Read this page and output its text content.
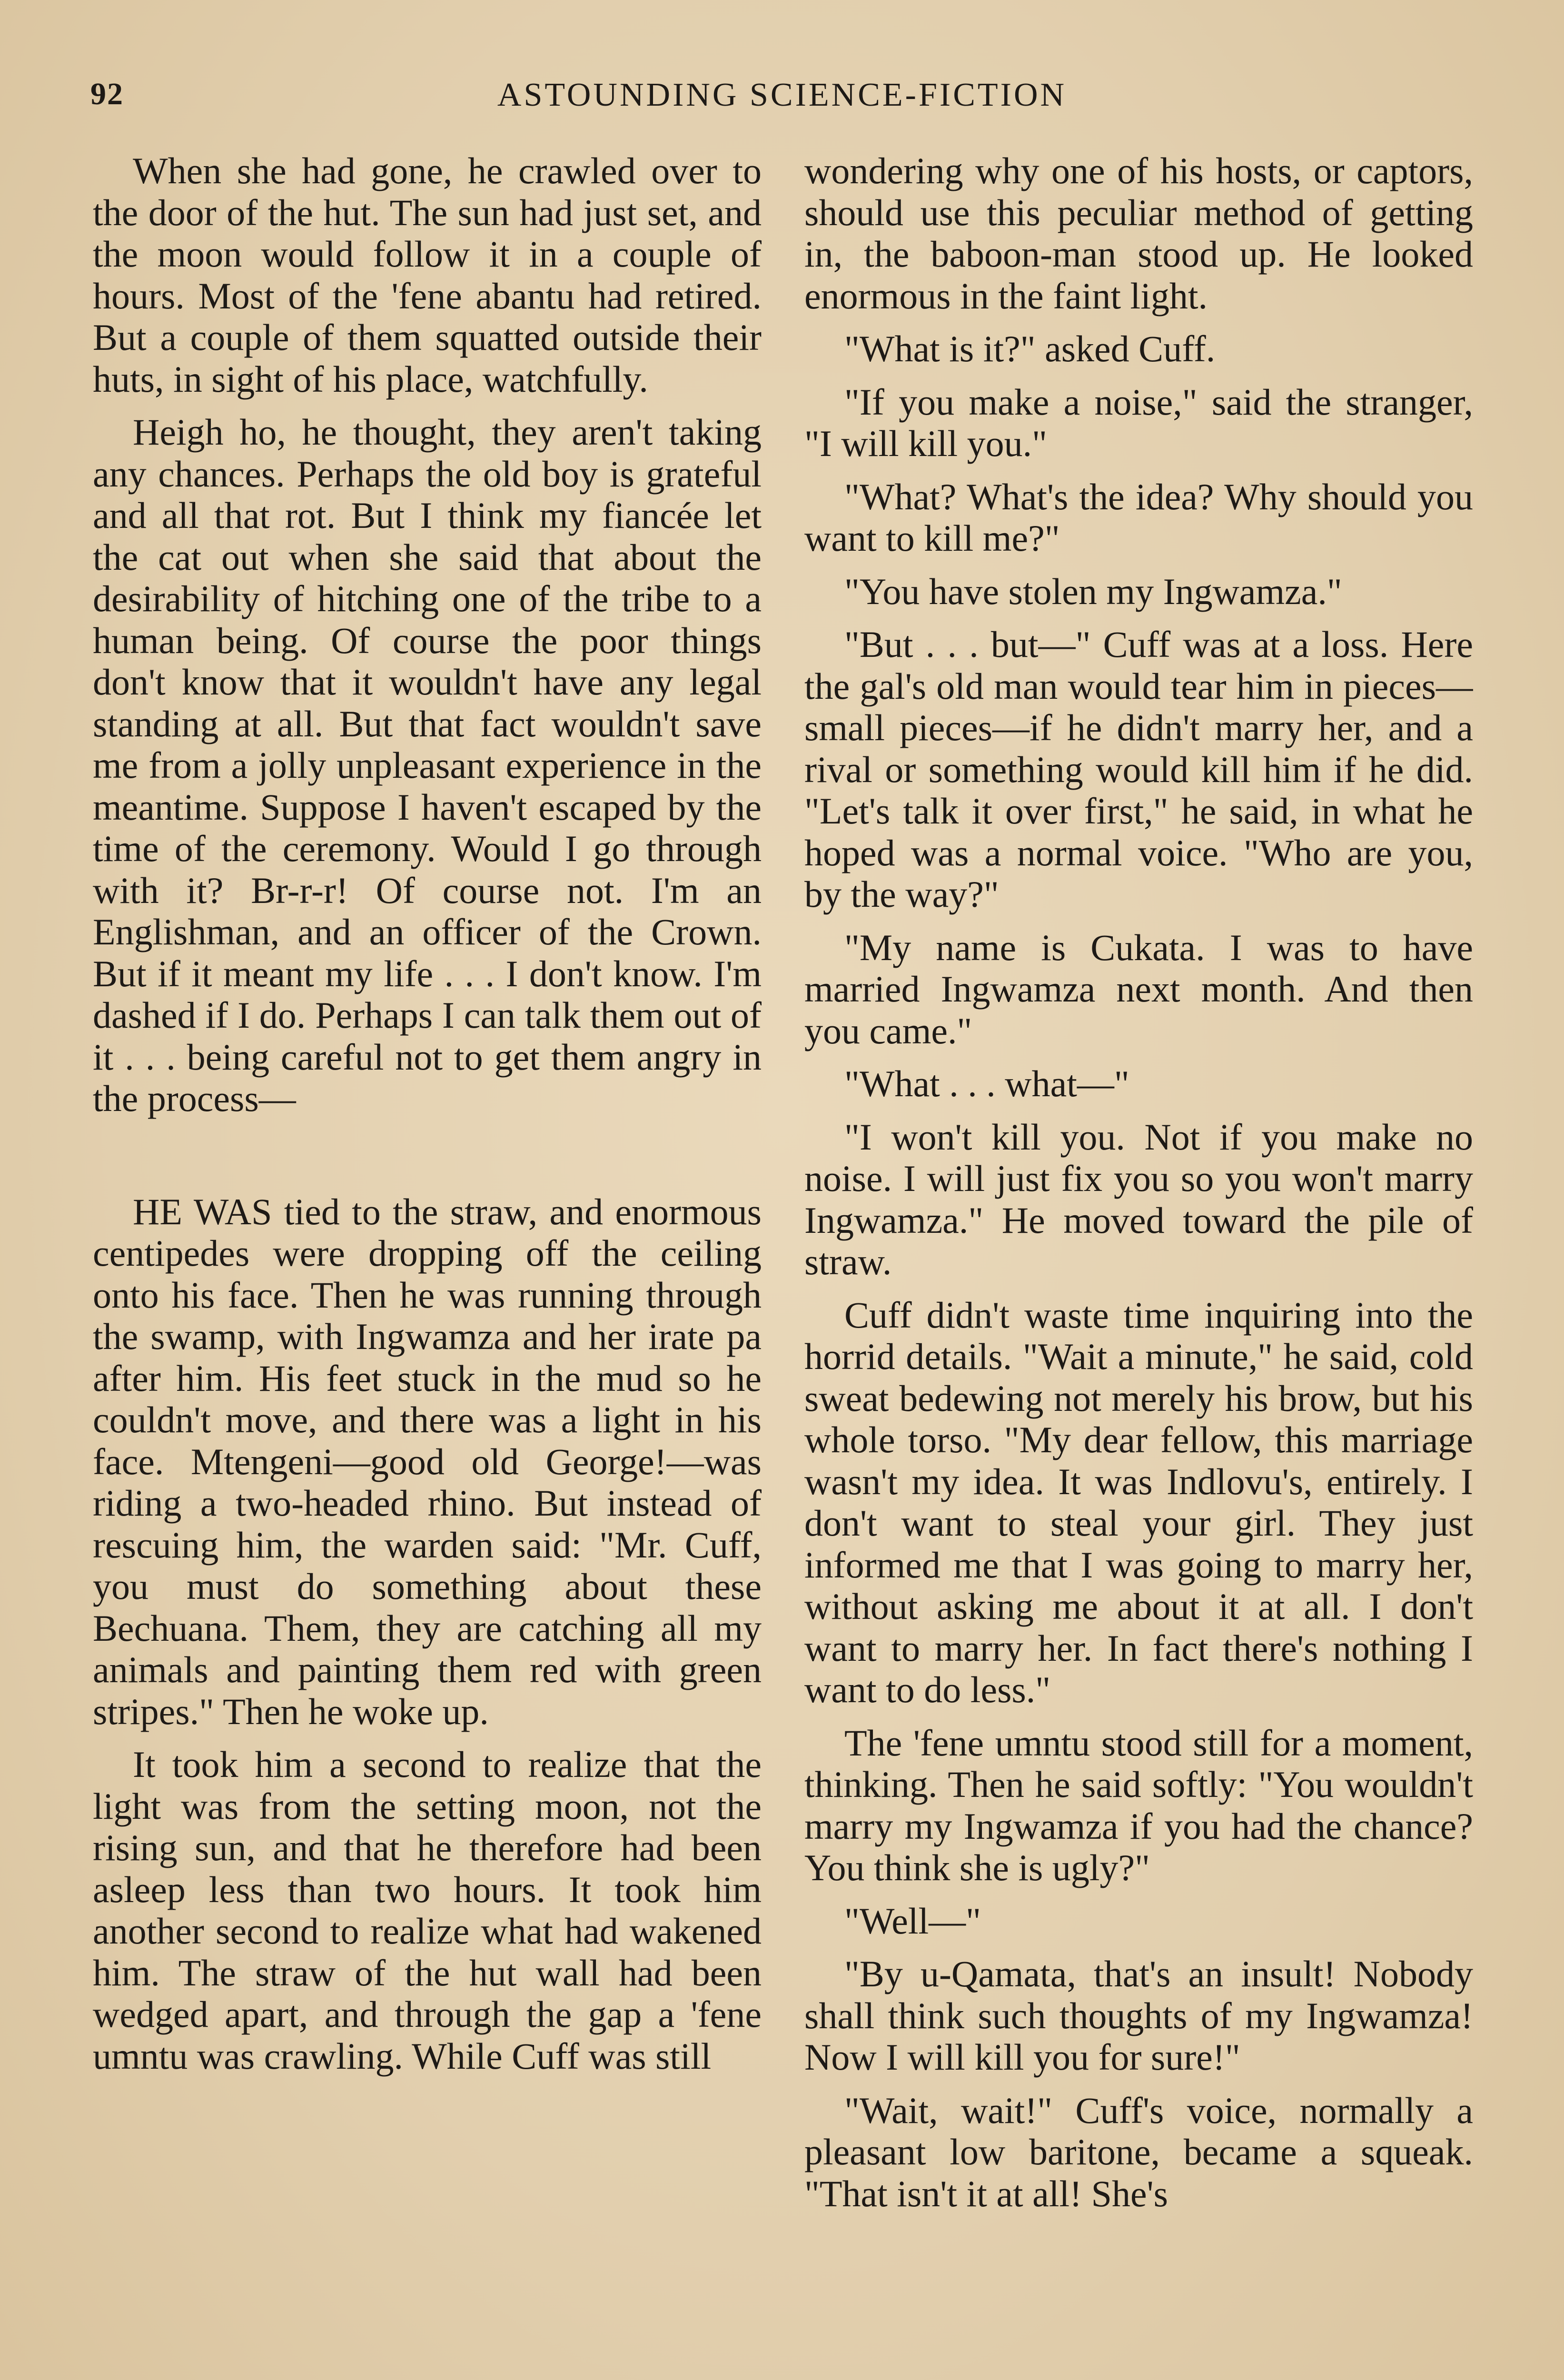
92	ASTOUNDING SCIENCE-FICTION

When she had gone, he crawled over to the door of the hut. The sun had just set, and the moon would follow it in a couple of hours. Most of the 'fene abantu had retired. But a couple of them squatted outside their huts, in sight of his place, watchfully.

Heigh ho, he thought, they aren't taking any chances. Perhaps the old boy is grateful and all that rot. But I think my fiancée let the cat out when she said that about the desirability of hitching one of the tribe to a human being. Of course the poor things don't know that it wouldn't have any legal standing at all. But that fact wouldn't save me from a jolly unpleasant experience in the meantime. Suppose I haven't escaped by the time of the ceremony. Would I go through with it? Br-r-r! Of course not. I'm an Englishman, and an officer of the Crown. But if it meant my life . . . I don't know. I'm dashed if I do. Perhaps I can talk them out of it . . . being careful not to get them angry in the process—

HE WAS tied to the straw, and enormous centipedes were dropping off the ceiling onto his face. Then he was running through the swamp, with Ingwamza and her irate pa after him. His feet stuck in the mud so he couldn't move, and there was a light in his face. Mtengeni—good old George!—was riding a two-headed rhino. But instead of rescuing him, the warden said: "Mr. Cuff, you must do something about these Bechuana. Them, they are catching all my animals and painting them red with green stripes." Then he woke up.

It took him a second to realize that the light was from the setting moon, not the rising sun, and that he therefore had been asleep less than two hours. It took him another second to realize what had wakened him. The straw of the hut wall had been wedged apart, and through the gap a 'fene umntu was crawling. While Cuff was still

wondering why one of his hosts, or captors, should use this peculiar method of getting in, the baboon-man stood up. He looked enormous in the faint light.

"What is it?" asked Cuff.

"If you make a noise," said the stranger, "I will kill you."

"What? What's the idea? Why should you want to kill me?"

"You have stolen my Ingwamza."

"But . . . but—" Cuff was at a loss. Here the gal's old man would tear him in pieces—small pieces—if he didn't marry her, and a rival or something would kill him if he did. "Let's talk it over first," he said, in what he hoped was a normal voice. "Who are you, by the way?"

"My name is Cukata. I was to have married Ingwamza next month. And then you came."

"What . . . what—"

"I won't kill you. Not if you make no noise. I will just fix you so you won't marry Ingwamza." He moved toward the pile of straw.

Cuff didn't waste time inquiring into the horrid details. "Wait a minute," he said, cold sweat bedewing not merely his brow, but his whole torso. "My dear fellow, this marriage wasn't my idea. It was Indlovu's, entirely. I don't want to steal your girl. They just informed me that I was going to marry her, without asking me about it at all. I don't want to marry her. In fact there's nothing I want to do less."

The 'fene umntu stood still for a moment, thinking. Then he said softly: "You wouldn't marry my Ingwamza if you had the chance? You think she is ugly?"

"Well—"

"By u-Qamata, that's an insult! Nobody shall think such thoughts of my Ingwamza! Now I will kill you for sure!"

"Wait, wait!" Cuff's voice, normally a pleasant low baritone, became a squeak. "That isn't it at all! She's
